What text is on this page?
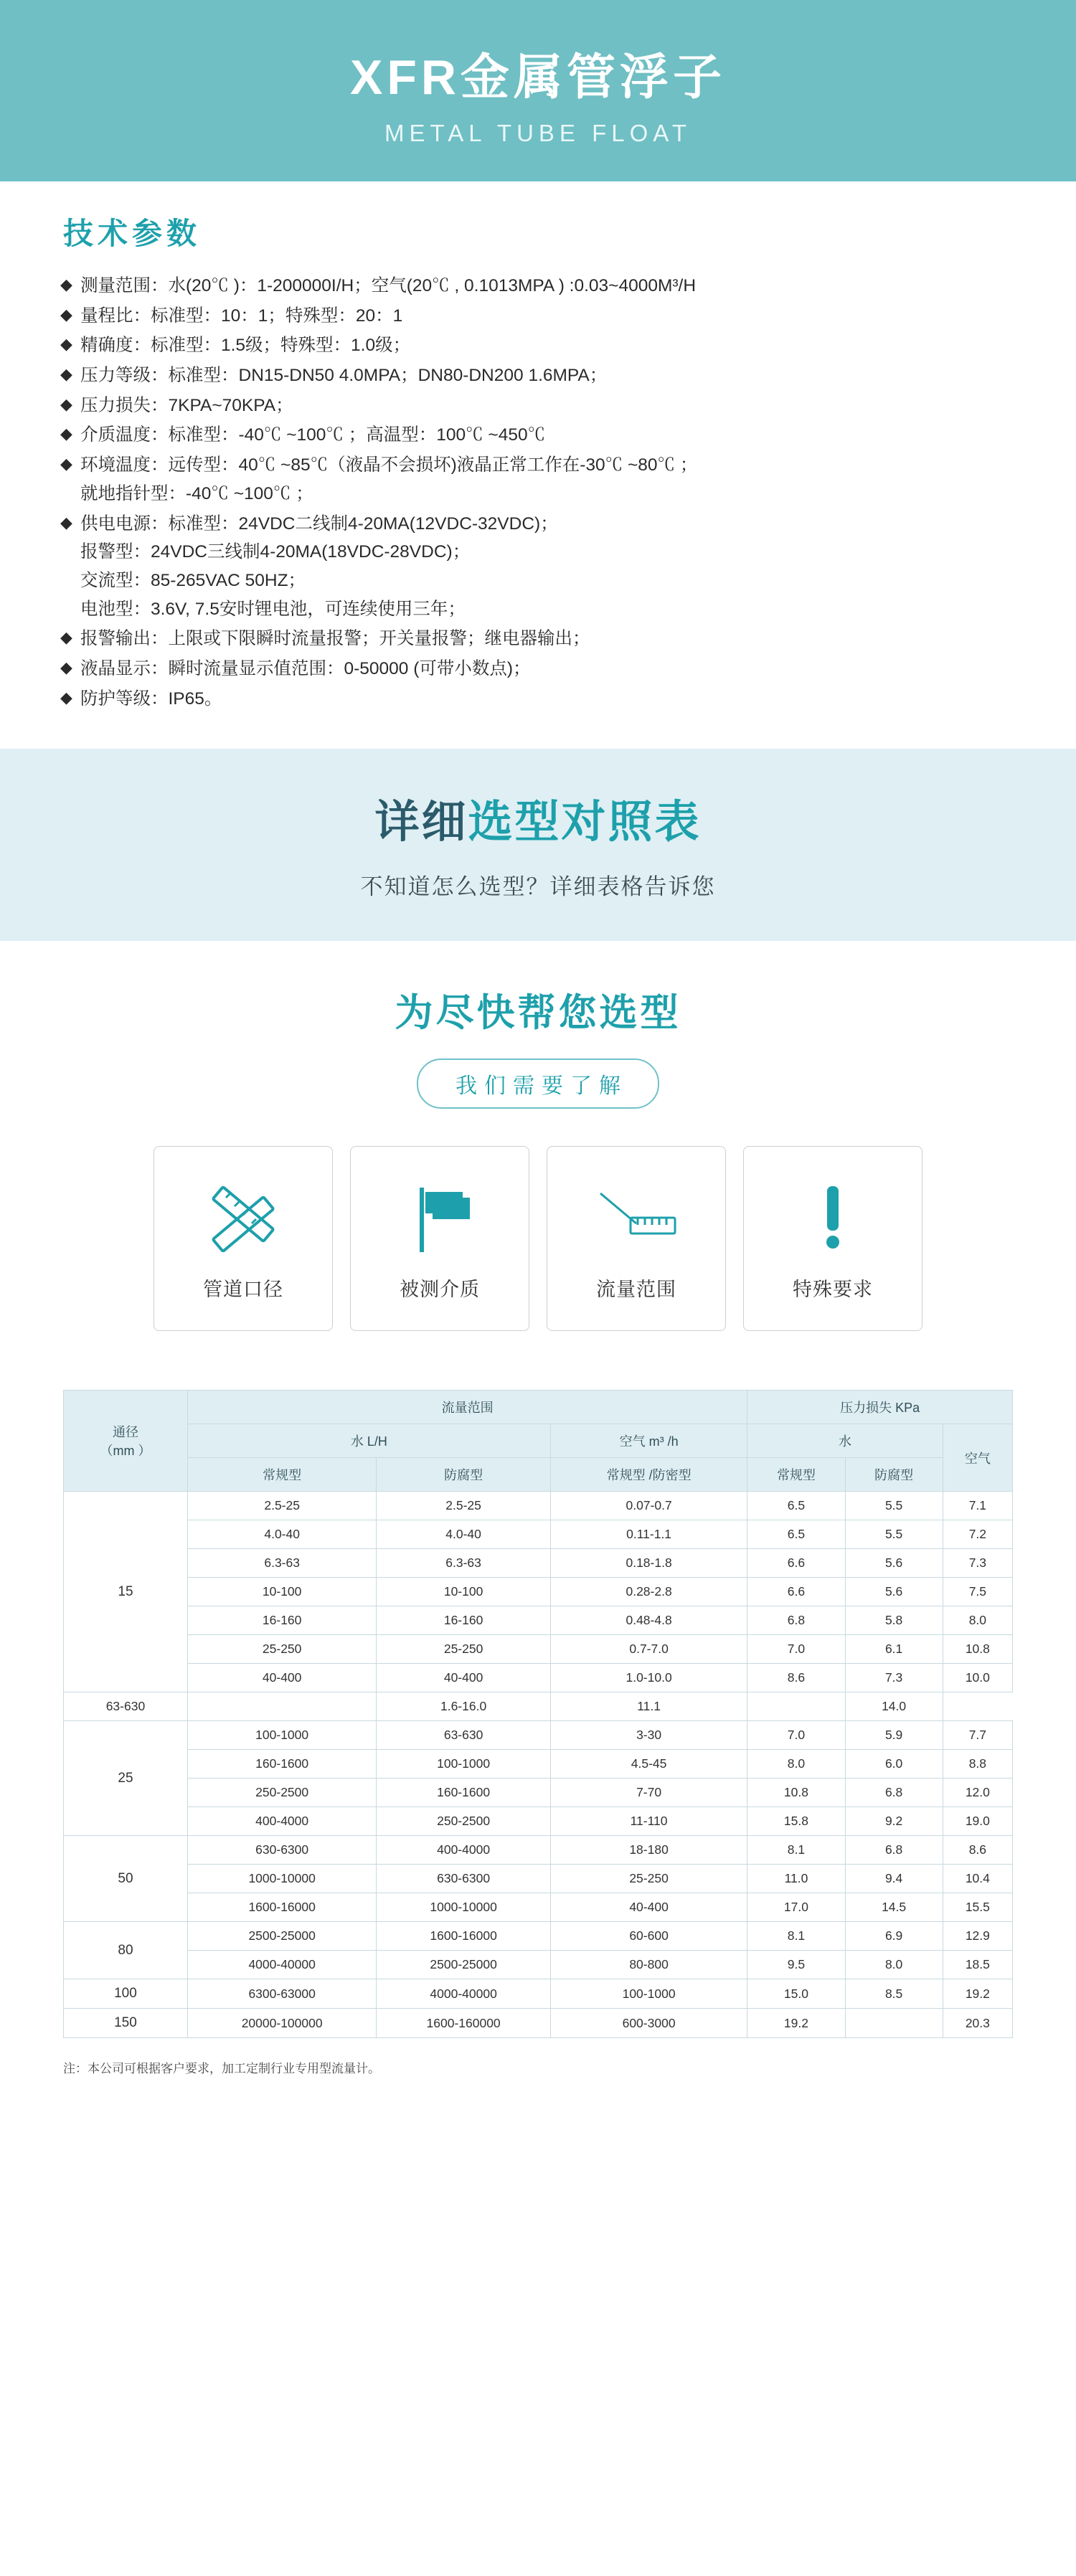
XFR金属管浮子
METAL TUBE FLOAT
技术参数
◆ 测量范围：水(20℃ )：1-200000I/H；空气(20℃ , 0.1013MPA ) :0.03~4000M³/H
◆ 量程比：标准型：10：1；特殊型：20：1
◆ 精确度：标准型：1.5级；特殊型：1.0级；
◆ 压力等级：标准型：DN15-DN50 4.0MPA；DN80-DN200 1.6MPA；
◆ 压力损失：7KPA~70KPA；
◆ 介质温度：标准型：-40℃ ~100℃ ；高温型：100℃ ~450℃
◆ 环境温度：远传型：40℃ ~85℃（液晶不会损坏)液晶正常工作在-30℃ ~80℃ ；
就地指针型：-40℃ ~100℃ ；
◆ 供电电源：标准型：24VDC二线制4-20MA(12VDC-32VDC)；
报警型：24VDC三线制4-20MA(18VDC-28VDC)；
交流型：85-265VAC 50HZ；
电池型：3.6V, 7.5安时锂电池，可连续使用三年；
◆ 报警输出：上限或下限瞬时流量报警；开关量报警；继电器输出；
◆ 液晶显示：瞬时流量显示值范围：0-50000 (可带小数点)；
◆ 防护等级：IP65。
详细选型对照表
不知道怎么选型？详细表格告诉您
为尽快帮您选型
我们需要了解
管道口径	被测介质	流量范围	特殊要求
通径
（mm ）	流量范围			压力损失 KPa		
	水 L/H		空气 m³ /h	水		空气
	常规型	防腐型	常规型 /防密型	常规型	防腐型	
15	2.5-25	2.5-25	0.07-0.7	6.5	5.5	7.1
	4.0-40	4.0-40	0.11-1.1	6.5	5.5	7.2
	6.3-63	6.3-63	0.18-1.8	6.6	5.6	7.3
	10-100	10-100	0.28-2.8	6.6	5.6	7.5
	16-160	16-160	0.48-4.8	6.8	5.8	8.0
	25-250	25-250	0.7-7.0	7.0	6.1	10.8
	40-400	40-400	1.0-10.0	8.6	7.3	10.0
63-630		1.6-16.0	11.1		14.0	
25	100-1000	63-630	3-30	7.0	5.9	7.7
	160-1600	100-1000	4.5-45	8.0	6.0	8.8
	250-2500	160-1600	7-70	10.8	6.8	12.0
	400-4000	250-2500	11-110	15.8	9.2	19.0
50	630-6300	400-4000	18-180	8.1	6.8	8.6
	1000-10000	630-6300	25-250	11.0	9.4	10.4
	1600-16000	1000-10000	40-400	17.0	14.5	15.5
80	2500-25000	1600-16000	60-600	8.1	6.9	12.9
	4000-40000	2500-25000	80-800	9.5	8.0	18.5
100	6300-63000	4000-40000	100-1000	15.0	8.5	19.2
150	20000-100000	1600-160000	600-3000	19.2		20.3
注：本公司可根据客户要求，加工定制行业专用型流量计。
